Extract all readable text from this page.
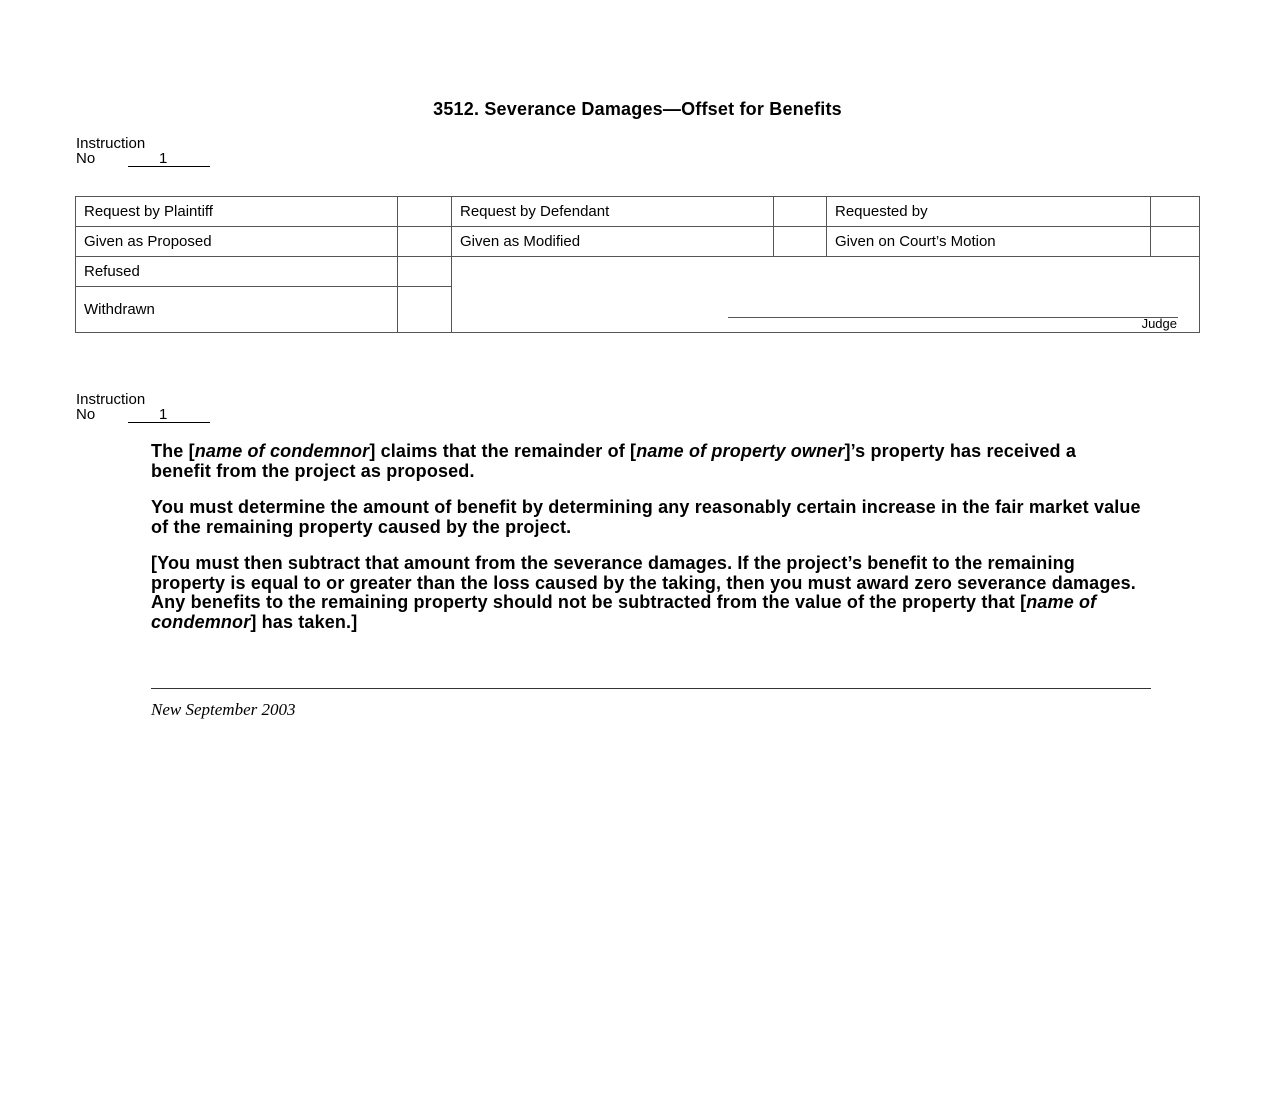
3512. Severance Damages—Offset for Benefits
Instruction
No	1
Request by Plaintiff	Request by Defendant	Requested by
Given as Proposed	Given as Modified	Given on Court’s Motion
Refused
Withdrawn
Judge
Instruction
No	1

The [name of condemnor] claims that the remainder of [name of property owner]’s property has received a benefit from the project as proposed.

You must determine the amount of benefit by determining any reasonably certain increase in the fair market value of the remaining property caused by the project.

[You must then subtract that amount from the severance damages. If the project’s benefit to the remaining property is equal to or greater than the loss caused by the taking, then you must award zero severance damages. Any benefits to the remaining property should not be subtracted from the value of the property that [name of condemnor] has taken.]

New September 2003
